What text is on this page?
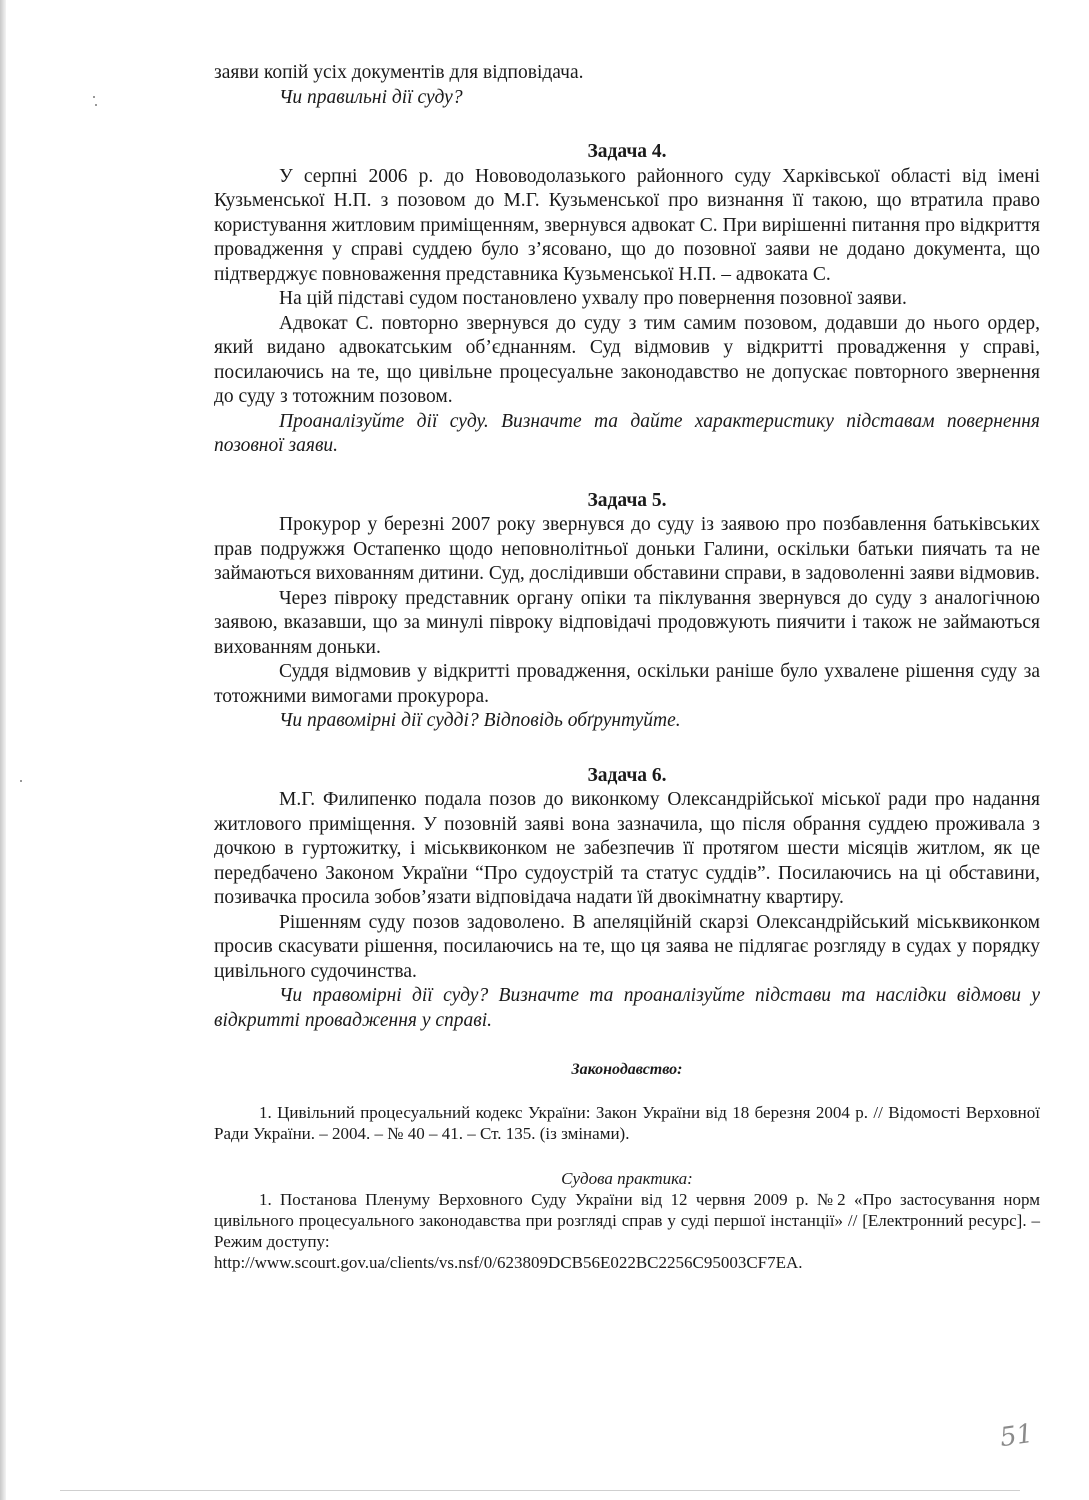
заяви копій усіх документів для відповідача.

Чи правильні дії суду?

Задача 4.

У серпні 2006 р. до Нововодолазького районного суду Харківської області від імені Кузьменської Н.П. з позовом до М.Г. Кузьменської про визнання її такою, що втратила право користування житловим приміщенням, звернувся адвокат С. При вирішенні питання про відкриття провадження у справі суддею було з’ясовано, що до позовної заяви не додано документа, що підтверджує повноваження представника Кузьменської Н.П. – адвоката С.

На цій підставі судом постановлено ухвалу про повернення позовної заяви.

Адвокат С. повторно звернувся до суду з тим самим позовом, додавши до нього ордер, який видано адвокатським об’єднанням. Суд відмовив у відкритті провадження у справі, посилаючись на те, що цивільне процесуальне законодавство не допускає повторного звернення до суду з тотожним позовом.

Проаналізуйте дії суду. Визначте та дайте характеристику підставам повернення позовної заяви.

Задача 5.

Прокурор у березні 2007 року звернувся до суду із заявою про позбавлення батьківських прав подружжя Остапенко щодо неповнолітньої доньки Галини, оскільки батьки пиячать та не займаються вихованням дитини. Суд, дослідивши обставини справи, в задоволенні заяви відмовив.

Через півроку представник органу опіки та піклування звернувся до суду з аналогічною заявою, вказавши, що за минулі півроку відповідачі продовжують пиячити і також не займаються вихованням доньки.

Суддя відмовив у відкритті провадження, оскільки раніше було ухвалене рішення суду за тотожними вимогами прокурора.

Чи правомірні дії судді? Відповідь обґрунтуйте.

Задача 6.

М.Г. Филипенко подала позов до виконкому Олександрійської міської ради про надання житлового приміщення. У позовній заяві вона зазначила, що після обрання суддею проживала з дочкою в гуртожитку, і міськвиконком не забезпечив її протягом шести місяців житлом, як це передбачено Законом України “Про судоустрій та статус суддів”. Посилаючись на ці обставини, позивачка просила зобов’язати відповідача надати їй двокімнатну квартиру.

Рішенням суду позов задоволено. В апеляційній скарзі Олександрійський міськвиконком просив скасувати рішення, посилаючись на те, що ця заява не підлягає розгляду в судах у порядку цивільного судочинства.

Чи правомірні дії суду? Визначте та проаналізуйте підстави та наслідки відмови у відкритті провадження у справі.

Законодавство:

1. Цивільний процесуальний кодекс України: Закон України від 18 березня 2004 р. // Відомості Верховної Ради України. – 2004. – № 40 – 41. – Ст. 135. (із змінами).

Судова практика:

1. Постанова Пленуму Верховного Суду України від 12 червня 2009 р. №2 «Про застосування норм цивільного процесуального законодавства при розгляді справ у суді першої інстанції» // [Електронний ресурс]. – Режим доступу:

http://www.scourt.gov.ua/clients/vs.nsf/0/623809DCB56E022BC2256C95003CF7EA.

51
